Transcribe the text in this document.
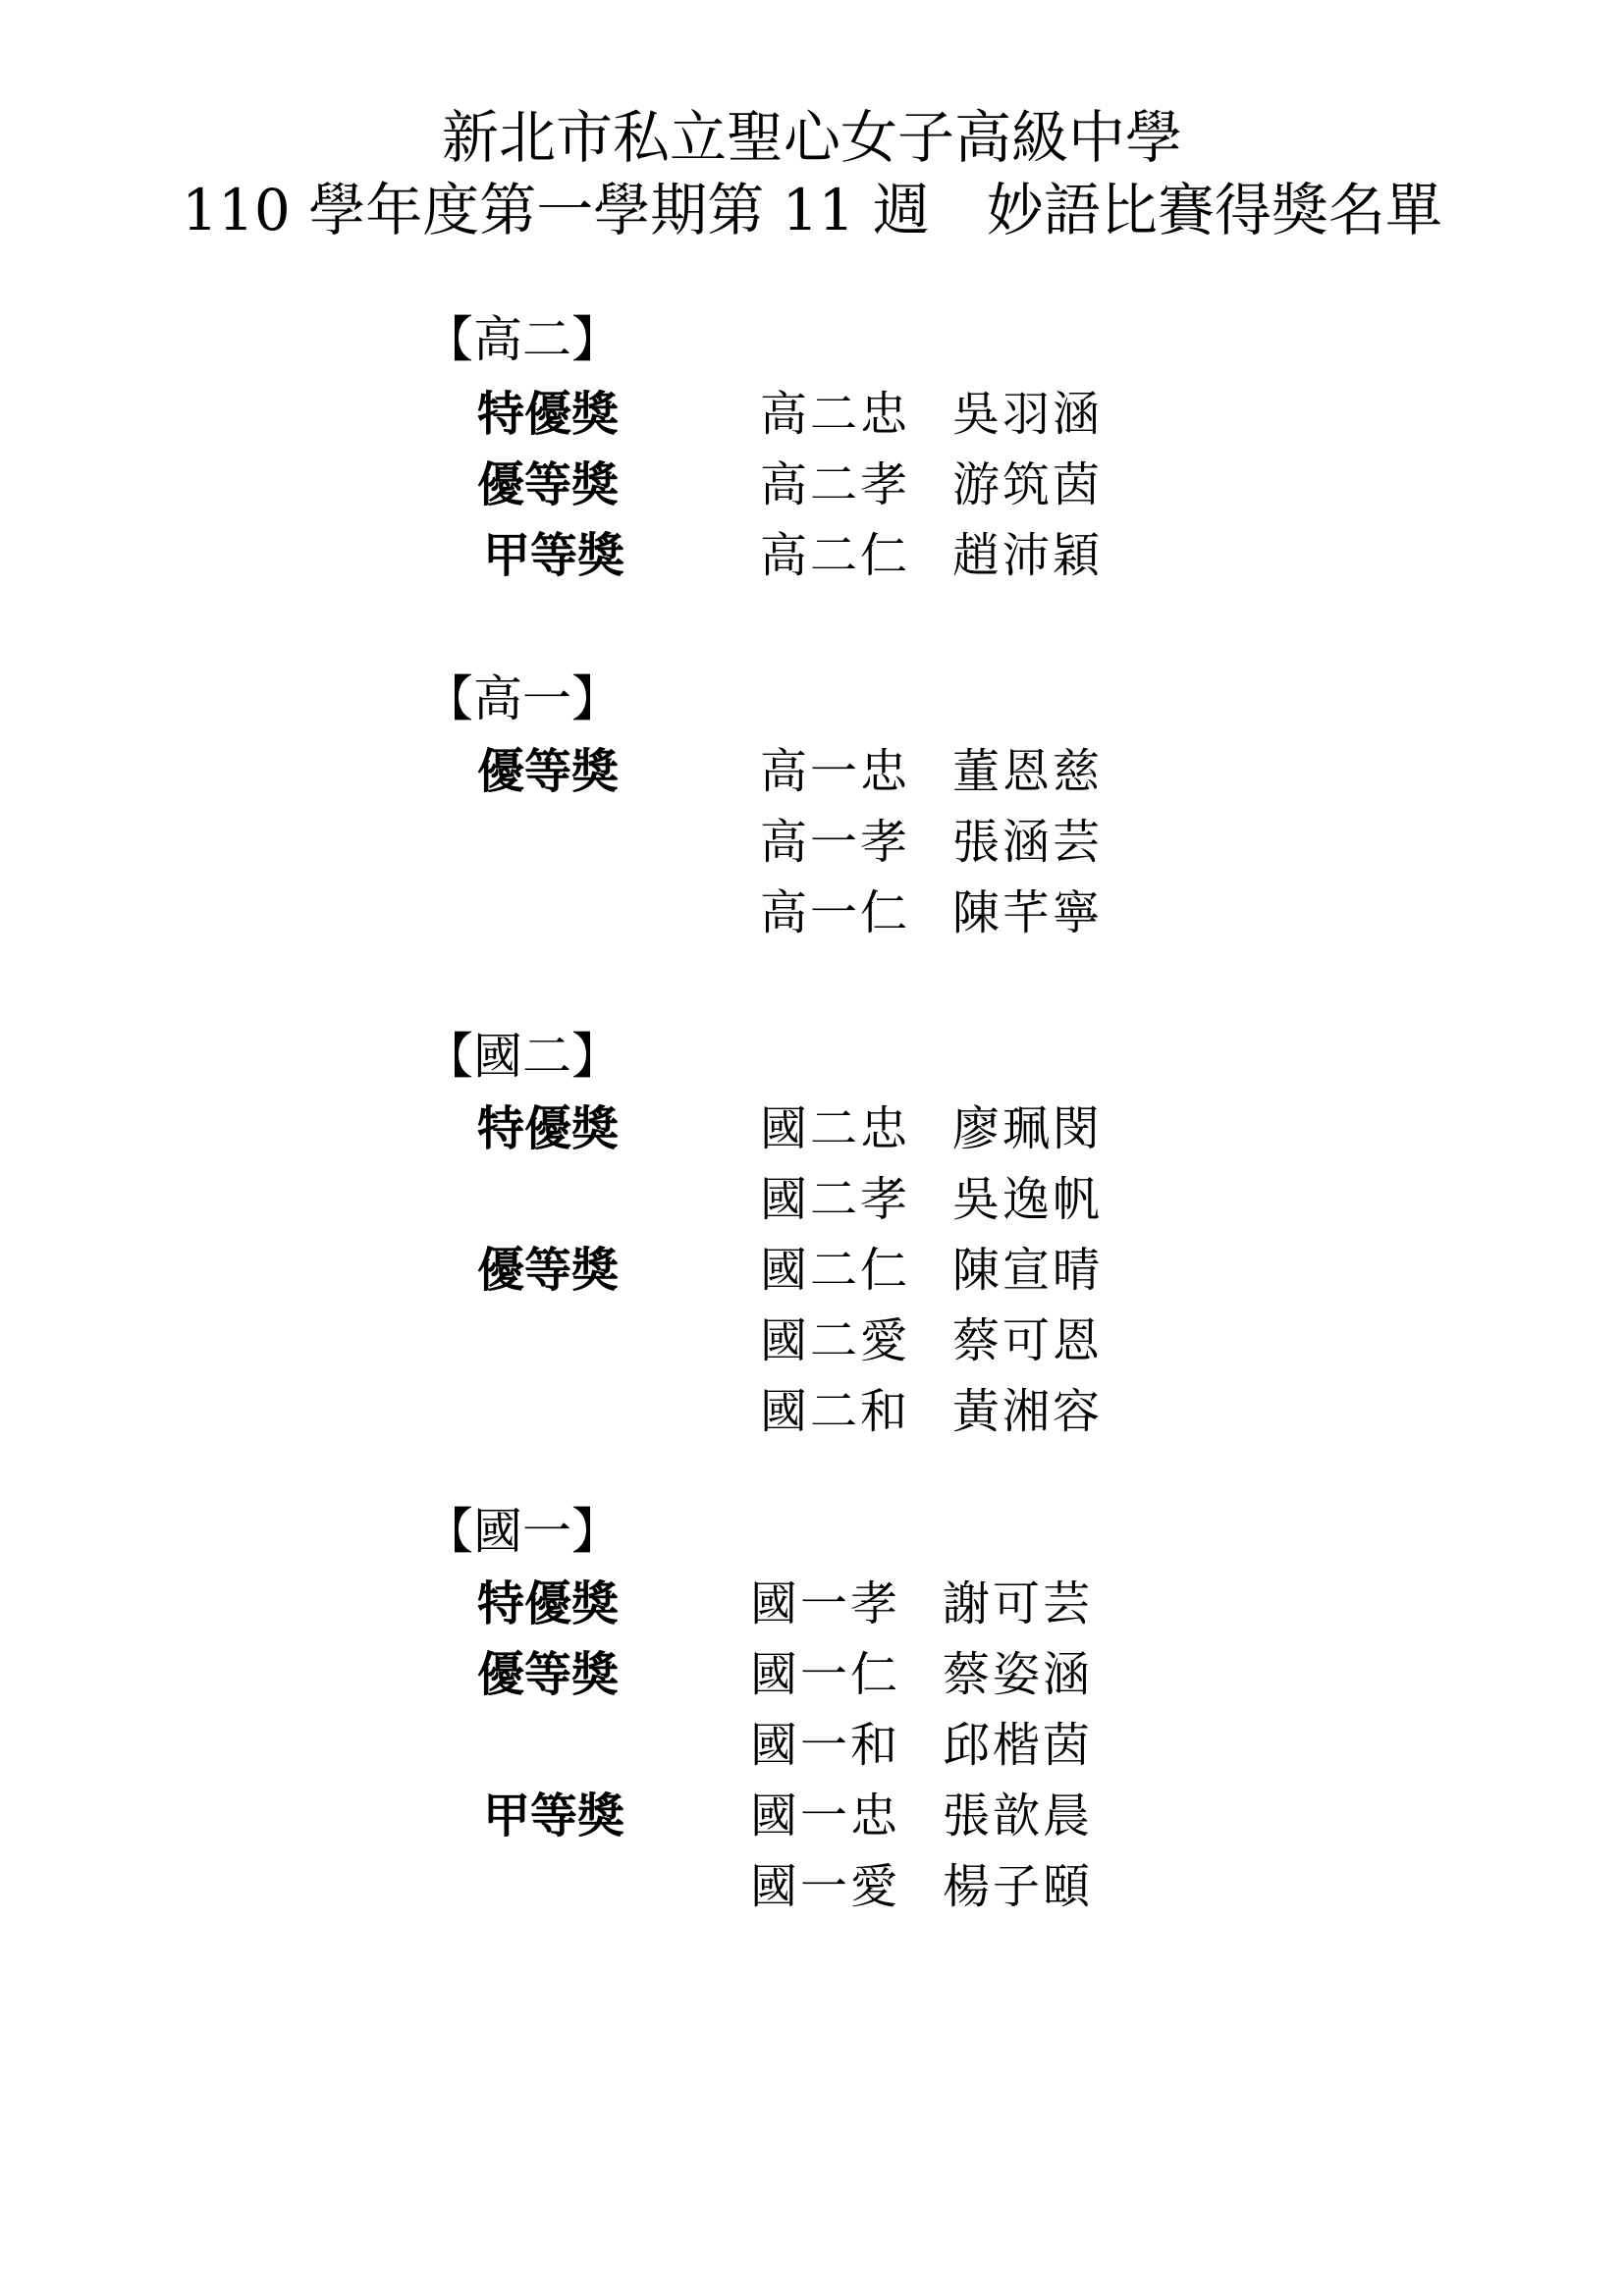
新北市私立聖心女子高級中學
110 學年度第一學期第 11 週　妙語比賽得獎名單
【高二】
特優獎	高二忠 吳羽涵
優等獎	高二孝 游筑茵
甲等獎	高二仁 趙沛穎
【高一】
優等獎	高一忠 董恩慈
高一孝 張涵芸
高一仁 陳芊寧
【國二】
特優獎	國二忠 廖珮閔
國二孝 吳逸帆
優等獎	國二仁 陳宣晴
國二愛 蔡可恩
國二和 黃湘容
【國一】
特優獎	國一孝 謝可芸
優等獎	國一仁 蔡姿涵
國一和 邱楷茵
甲等獎	國一忠 張歆晨
國一愛 楊子頤
